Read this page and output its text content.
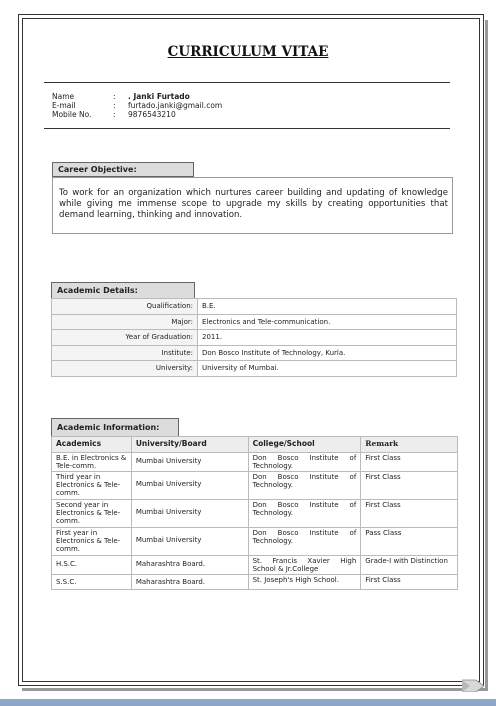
CURRICULUM VITAE
Name	: . Janki Furtado
E-mail	: furtado.janki@gmail.com
Mobile No.	: 9876543210
Career Objective:
To work for an organization which nurtures career building and updating of knowledge while giving me immense scope to upgrade my skills by creating opportunities that demand learning, thinking and innovation.
Academic Details:
Qualification:	B.E.
Major:	Electronics and Tele-communication.
Year of Graduation:	2011.
Institute:	Don Bosco Institute of Technology, Kurla.
University:	University of Mumbai.
Academic Information:
Academics	University/Board	College/School	Remark
B.E. in Electronics & Tele-comm.	Mumbai University	Don Bosco Institute of Technology.	First Class
Third year in Electronics & Tele-comm.	Mumbai University	Don Bosco Institute of Technology.	First Class
Second year in Electronics & Tele-comm.	Mumbai University	Don Bosco Institute of Technology.	First Class
First year in Electronics & Tele-comm.	Mumbai University	Don Bosco Institute of Technology.	Pass Class
H.S.C.	Maharashtra Board.	St. Francis Xavier High School & Jr.College	Grade-I with Distinction
S.S.C.	Maharashtra Board.	St. Joseph's High School.	First Class
